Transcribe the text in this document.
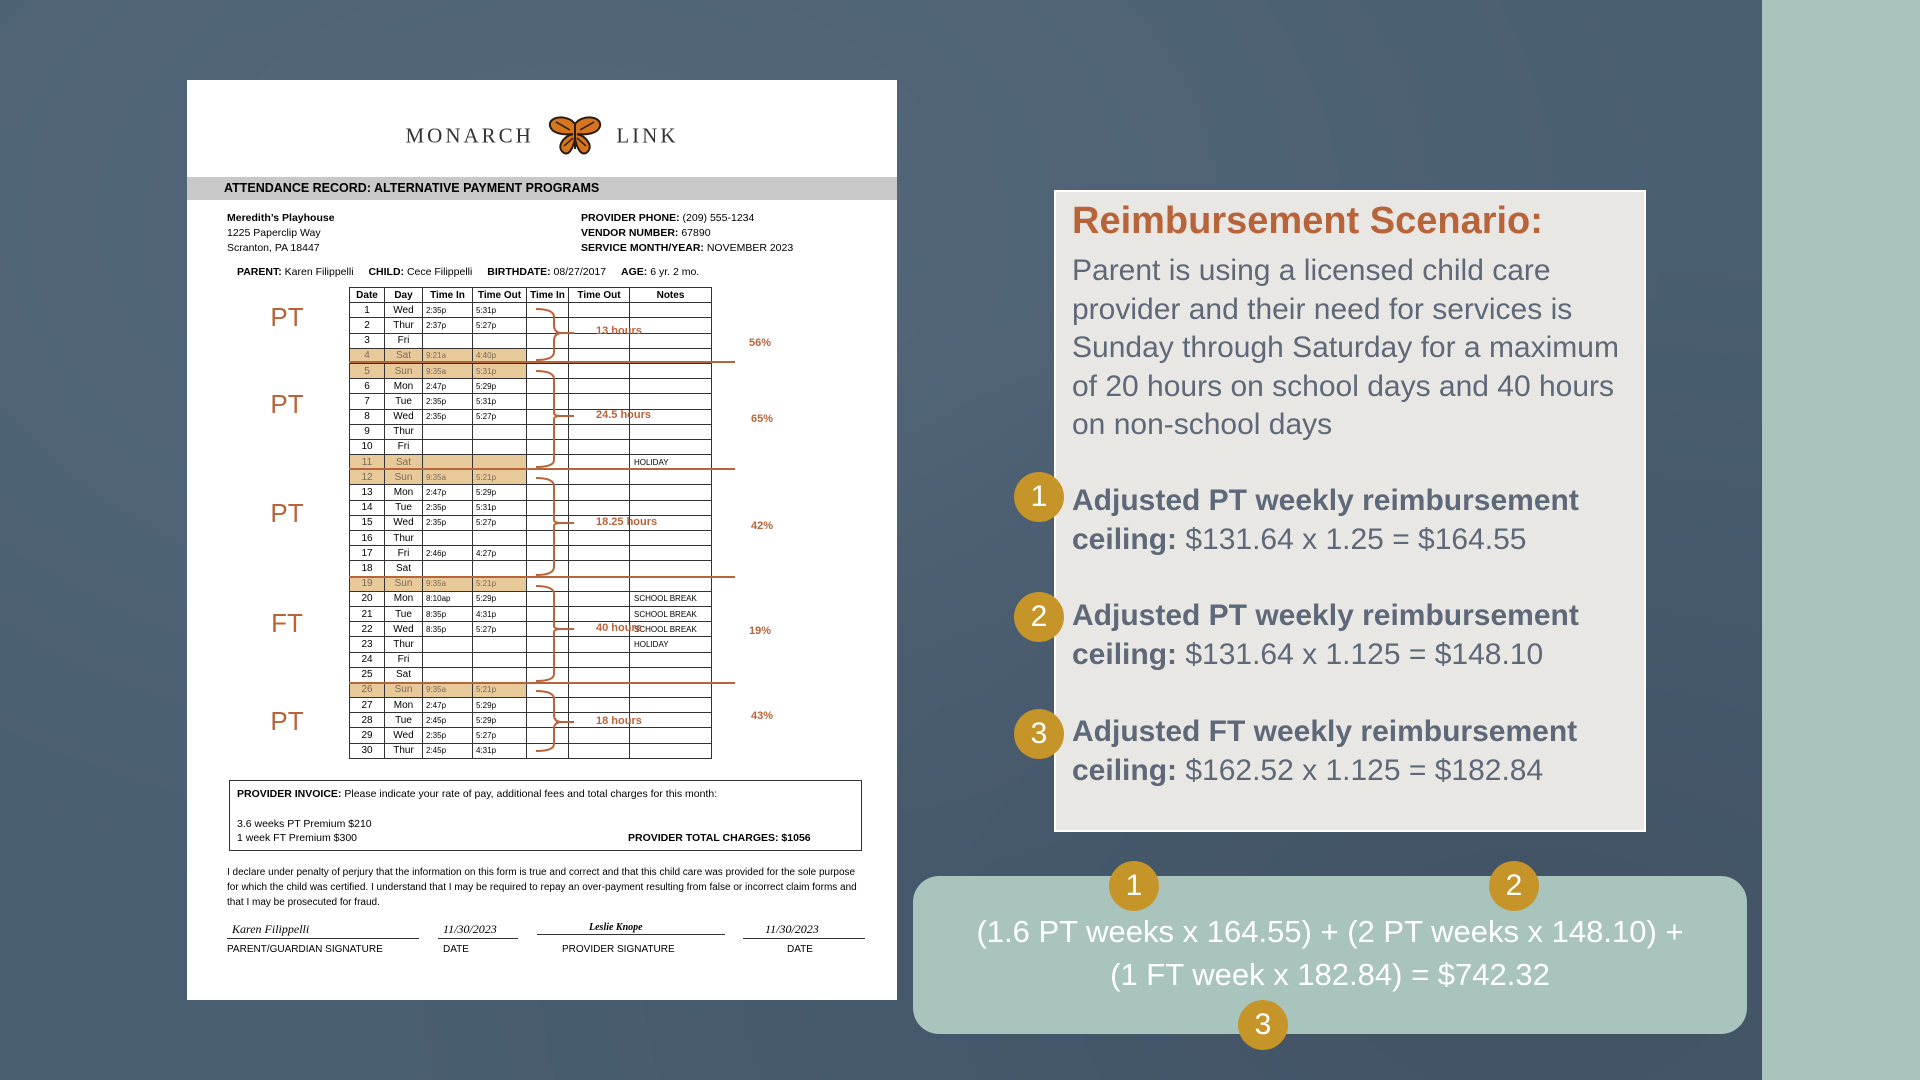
MONARCH	LINK
ATTENDANCE RECORD: ALTERNATIVE PAYMENT PROGRAMS
Meredith’s Playhouse
1225 Paperclip Way
Scranton, PA 18447
PROVIDER PHONE: (209) 555-1234
VENDOR NUMBER: 67890
SERVICE MONTH/YEAR: NOVEMBER 2023
PARENT: Karen Filippelli CHILD: Cece Filippelli BIRTHDATE: 08/27/2017 AGE: 6 yr. 2 mo.
Date	Day	Time In	Time Out	Time In	Time Out	Notes
1	Wed	2:35p	5:31p			
2	Thur	2:37p	5:27p			
3	Fri					
4	Sat	9:21a	4:40p			
5	Sun	9:35a	5:31p			
6	Mon	2:47p	5:29p			
7	Tue	2:35p	5:31p			
8	Wed	2:35p	5:27p			
9	Thur					
10	Fri					
11	Sat					HOLIDAY
12	Sun	9:35a	5:21p			
13	Mon	2:47p	5:29p			
14	Tue	2:35p	5:31p			
15	Wed	2:35p	5:27p			
16	Thur					
17	Fri	2:46p	4:27p			
18	Sat					
19	Sun	9:35a	5:21p			
20	Mon	8:10ap	5:29p			SCHOOL BREAK
21	Tue	8:35p	4:31p			SCHOOL BREAK
22	Wed	8:35p	5:27p			SCHOOL BREAK
23	Thur					HOLIDAY
24	Fri					
25	Sat					
26	Sun	9:35a	5:21p			
27	Mon	2:47p	5:29p			
28	Tue	2:45p	5:29p			
29	Wed	2:35p	5:27p			
30	Thur	2:45p	4:31p			
PT
PT
PT
FT
PT
13 hours
24.5 hours
18.25 hours
40 hours
18 hours
56%
65%
42%
19%
43%
PROVIDER INVOICE: Please indicate your rate of pay, additional fees and total charges for this month:
3.6 weeks PT Premium $210
1 week FT Premium $300	PROVIDER TOTAL CHARGES: $1056
I declare under penalty of perjury that the information on this form is true and correct and that this child care was provided for the sole purpose for which the child was certified. I understand that I may be required to repay an over-payment resulting from false or incorrect claim forms and that I may be prosecuted for fraud.
Karen Filippelli	11/30/2023	Leslie Knope	11/30/2023
PARENT/GUARDIAN SIGNATURE	DATE	PROVIDER SIGNATURE	DATE
Reimbursement Scenario:
Parent is using a licensed child care provider and their need for services is Sunday through Saturday for a maximum of 20 hours on school days and 40 hours on non-school days
Adjusted PT weekly reimbursement ceiling: $131.64 x 1.25 = $164.55
Adjusted PT weekly reimbursement ceiling: $131.64 x 1.125 = $148.10
Adjusted FT weekly reimbursement ceiling: $162.52 x 1.125 = $182.84
1
2
3
(1.6 PT weeks x 164.55) + (2 PT weeks x 148.10) +
(1 FT week x 182.84) = $742.32
1	2
3
